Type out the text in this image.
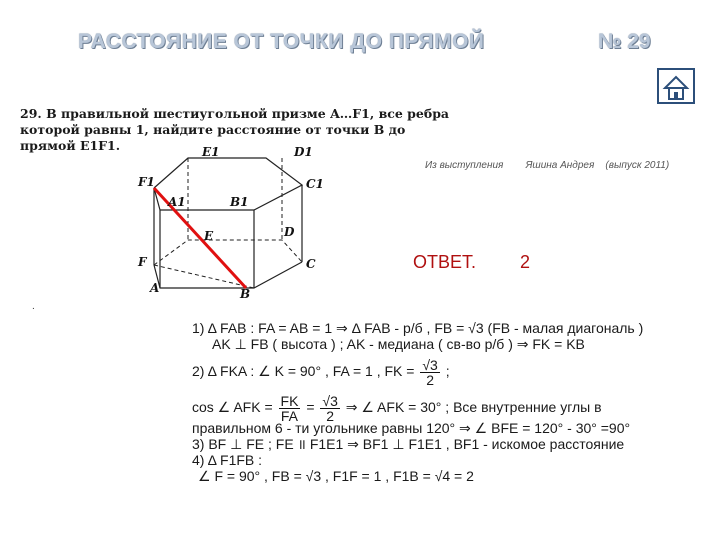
РАССТОЯНИЕ ОТ ТОЧКИ ДО ПРЯМОЙ	№ 29
29. В правильной шестиугольной призме A…F1, все ребра которой равны 1, найдите расстояние от точки B до прямой E1F1.
Из выступления        Яшина Андрея    (выпуск 2011)
ОТВЕТ. 2
.
E1	D1
F1	C1
A1	B1
E	D
F	C
A	B
1) Δ FAB : FA = AB = 1 ⇒ Δ FAB - р/б , FB = √3 (FB - малая диагональ )
AK ⊥ FB ( высота ) ; AK - медиана ( св-во р/б ) ⇒ FK = KB
2) Δ FKA : ∠ K = 90° , FA = 1 , FK = $\frac{√3}{2}$ ;
cos ∠ AFK = $\frac{FK}{FA} = \frac{√3}{2}$ ⇒ ∠ AFK = 30° ; Все внутренние углы в
правильном 6 - ти угольнике равны 120° ⇒ ∠ BFE = 120° - 30° =90°
3) BF ⊥ FE ; FE ॥ F1E1 ⇒ BF1 ⊥ F1E1 , BF1 - искомое расстояние
4) Δ F1FB :
∠ F = 90° , FB = √3 , F1F = 1 , F1B = √4 = 2
